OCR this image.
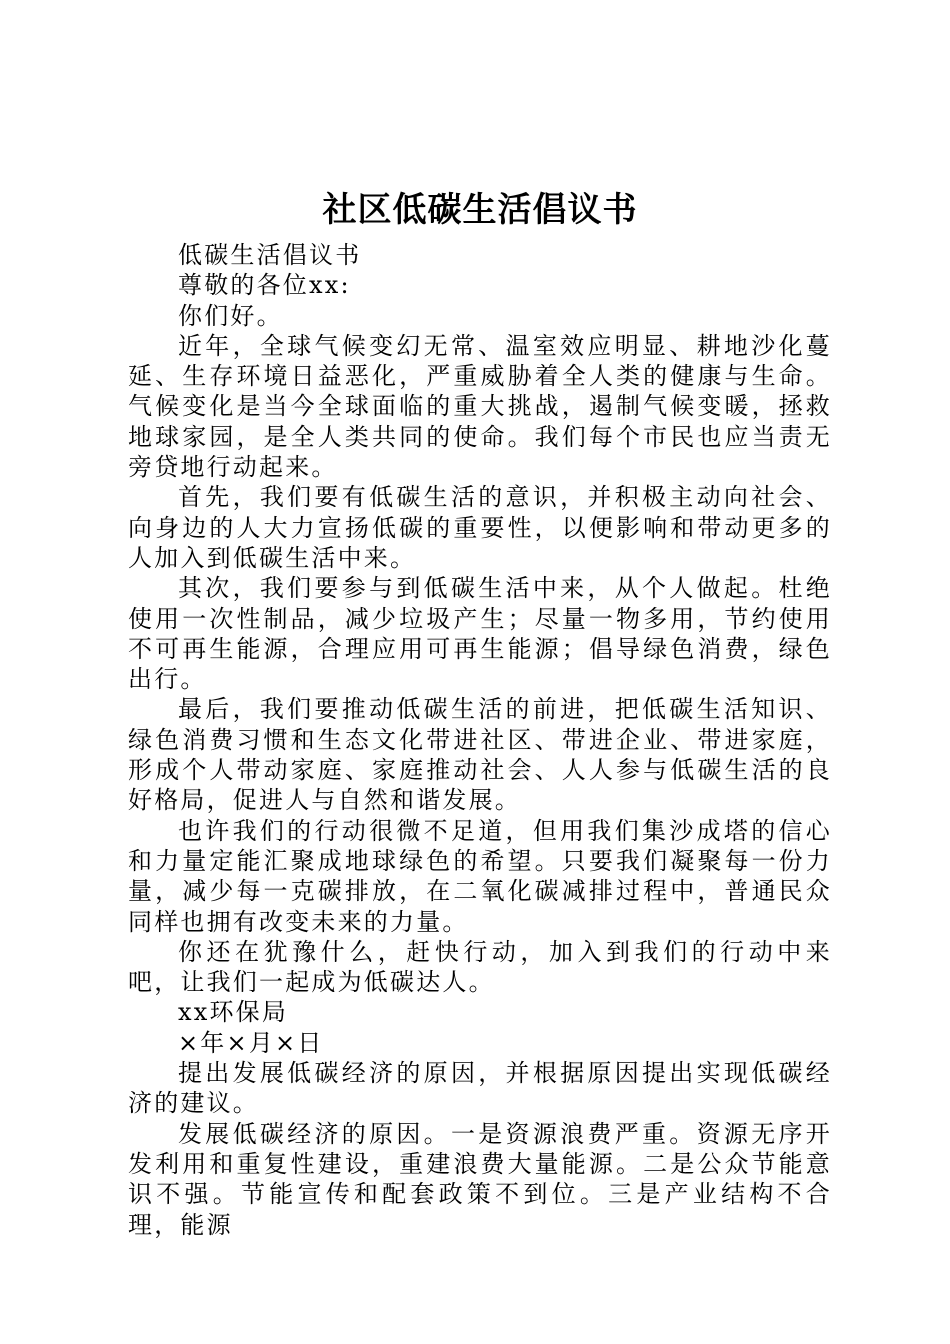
社区低碳生活倡议书

低碳生活倡议书

尊敬的各位xx:

你们好。

近年，全球气候变幻无常、温室效应明显、耕地沙化蔓延、生存环境日益恶化，严重威胁着全人类的健康与生命。气候变化是当今全球面临的重大挑战，遏制气候变暖，拯救地球家园，是全人类共同的使命。我们每个市民也应当责无旁贷地行动起来。

首先，我们要有低碳生活的意识，并积极主动向社会、向身边的人大力宣扬低碳的重要性，以便影响和带动更多的人加入到低碳生活中来。

其次，我们要参与到低碳生活中来，从个人做起。杜绝使用一次性制品，减少垃圾产生；尽量一物多用，节约使用不可再生能源，合理应用可再生能源；倡导绿色消费，绿色出行。

最后，我们要推动低碳生活的前进，把低碳生活知识、绿色消费习惯和生态文化带进社区、带进企业、带进家庭，形成个人带动家庭、家庭推动社会、人人参与低碳生活的良好格局，促进人与自然和谐发展。

也许我们的行动很微不足道，但用我们集沙成塔的信心和力量定能汇聚成地球绿色的希望。只要我们凝聚每一份力量，减少每一克碳排放，在二氧化碳减排过程中，普通民众同样也拥有改变未来的力量。

你还在犹豫什么，赶快行动，加入到我们的行动中来吧，让我们一起成为低碳达人。

xx环保局

×年×月×日

提出发展低碳经济的原因，并根据原因提出实现低碳经济的建议。

发展低碳经济的原因。一是资源浪费严重。资源无序开发利用和重复性建设，重建浪费大量能源。二是公众节能意识不强。节能宣传和配套政策不到位。三是产业结构不合理，能源
